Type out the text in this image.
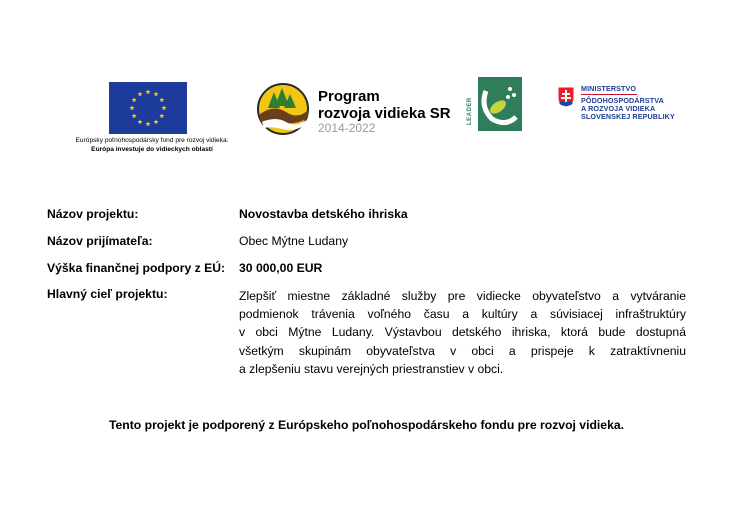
Európsky poľnohospodársky fond pre rozvoj vidieka:
Európa investuje do vidieckych oblastí
Program
rozvoja vidieka SR
2014-2022
LEADER
MINISTERSTVO
PÔDOHOSPODÁRSTVA
A ROZVOJA VIDIEKA
SLOVENSKEJ REPUBLIKY
Názov projektu:	Novostavba detského ihriska
Názov prijímateľa:	Obec Mýtne Ludany
Výška finančnej podpory z EÚ: 30 000,00 EUR
Hlavný cieľ projektu:	Zlepšiť miestne základné služby pre vidiecke obyvateľstvo a vytváranie
podmienok trávenia voľného času a kultúry a súvisiacej infraštruktúry
v obci Mýtne Ludany. Výstavbou detského ihriska, ktorá bude dostupná
všetkým skupinám obyvateľstva v obci a prispeje k zatraktívneniu
a zlepšeniu stavu verejných priestranstiev v obci.
Tento projekt je podporený z Európskeho poľnohospodárskeho fondu pre rozvoj vidieka.
